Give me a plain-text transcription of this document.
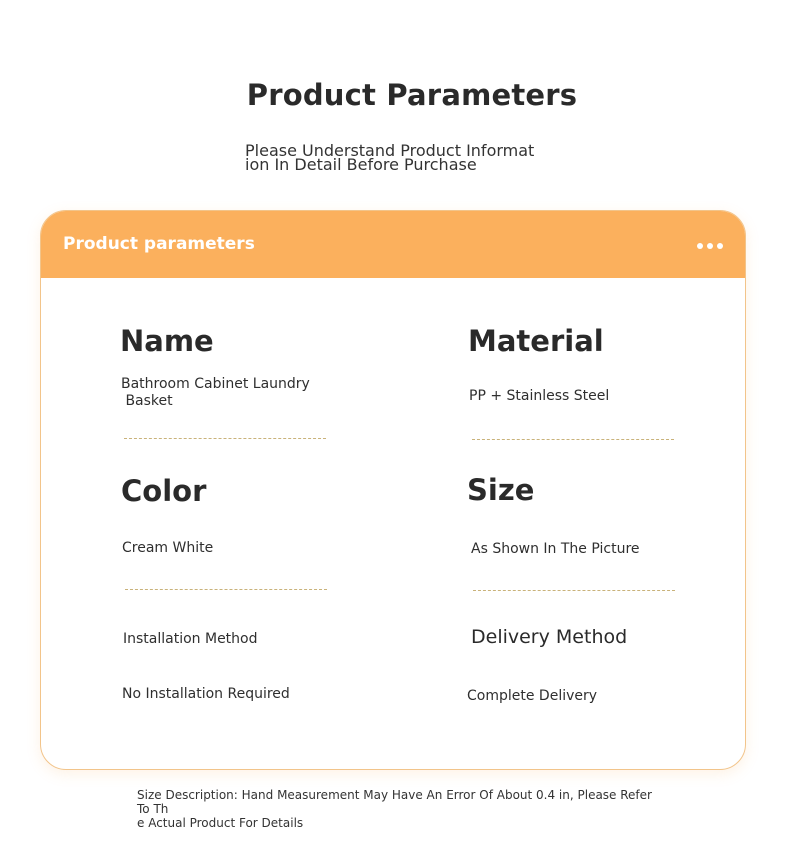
Product Parameters
Please Understand Product Informat
ion In Detail Before Purchase
Product parameters
Name
Bathroom Cabinet Laundry
Basket
Material
PP + Stainless Steel
Color
Cream White
Size
As Shown In The Picture
Installation Method
No Installation Required
Delivery Method
Complete Delivery
Size Description: Hand Measurement May Have An Error Of About 0.4 in, Please Refer To Th
e Actual Product For Details
